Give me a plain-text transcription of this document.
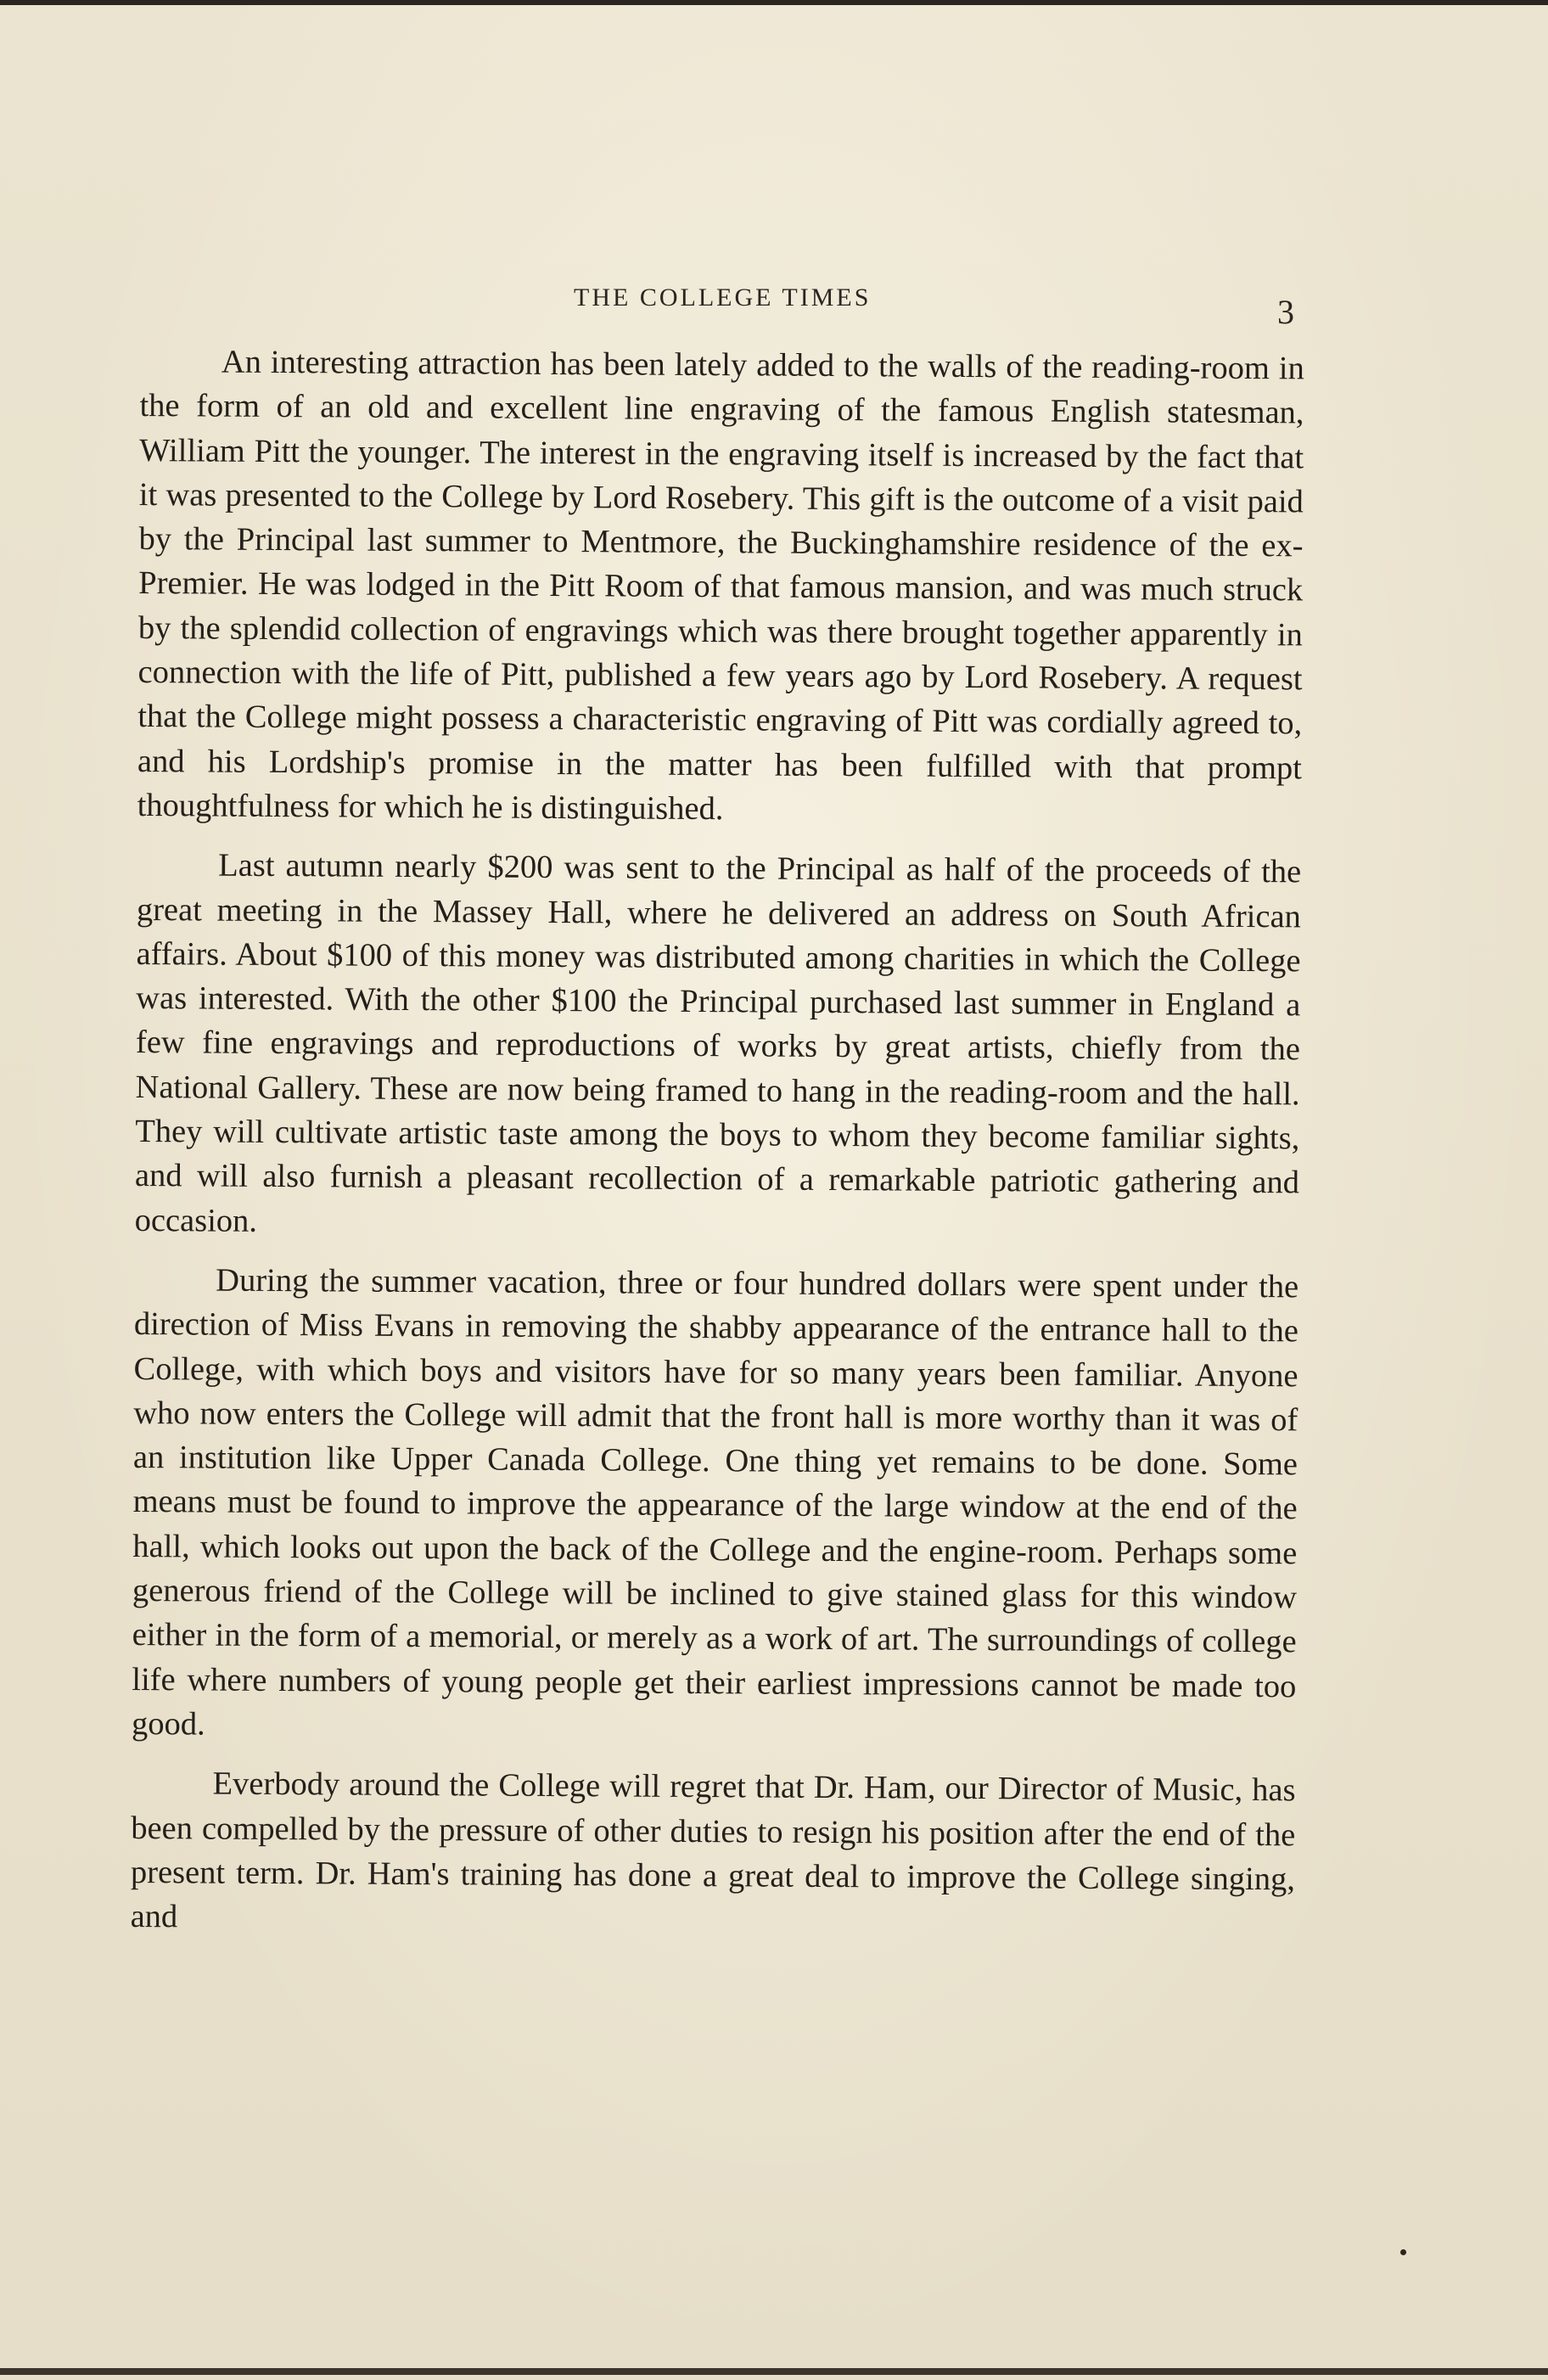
THE COLLEGE TIMES	3

An interesting attraction has been lately added to the walls of the reading-room in the form of an old and excellent line engraving of the famous English statesman, William Pitt the younger. The interest in the engraving itself is increased by the fact that it was presented to the College by Lord Rosebery. This gift is the outcome of a visit paid by the Principal last summer to Mentmore, the Buckinghamshire residence of the ex-Premier. He was lodged in the Pitt Room of that famous mansion, and was much struck by the splendid collection of engravings which was there brought together apparently in connection with the life of Pitt, published a few years ago by Lord Rosebery. A request that the College might possess a characteristic engraving of Pitt was cordially agreed to, and his Lordship's promise in the matter has been fulfilled with that prompt thoughtfulness for which he is distinguished.

Last autumn nearly $200 was sent to the Principal as half of the proceeds of the great meeting in the Massey Hall, where he delivered an address on South African affairs. About $100 of this money was distributed among charities in which the College was interested. With the other $100 the Principal purchased last summer in England a few fine engravings and reproductions of works by great artists, chiefly from the National Gallery. These are now being framed to hang in the reading-room and the hall. They will cultivate artistic taste among the boys to whom they become familiar sights, and will also furnish a pleasant recollection of a remarkable patriotic gathering and occasion.

During the summer vacation, three or four hundred dollars were spent under the direction of Miss Evans in removing the shabby appearance of the entrance hall to the College, with which boys and visitors have for so many years been familiar. Anyone who now enters the College will admit that the front hall is more worthy than it was of an institution like Upper Canada College. One thing yet remains to be done. Some means must be found to improve the appearance of the large window at the end of the hall, which looks out upon the back of the College and the engine-room. Perhaps some generous friend of the College will be inclined to give stained glass for this window either in the form of a memorial, or merely as a work of art. The surroundings of college life where numbers of young people get their earliest impressions cannot be made too good.

Everbody around the College will regret that Dr. Ham, our Director of Music, has been compelled by the pressure of other duties to resign his position after the end of the present term. Dr. Ham's training has done a great deal to improve the College singing, and
